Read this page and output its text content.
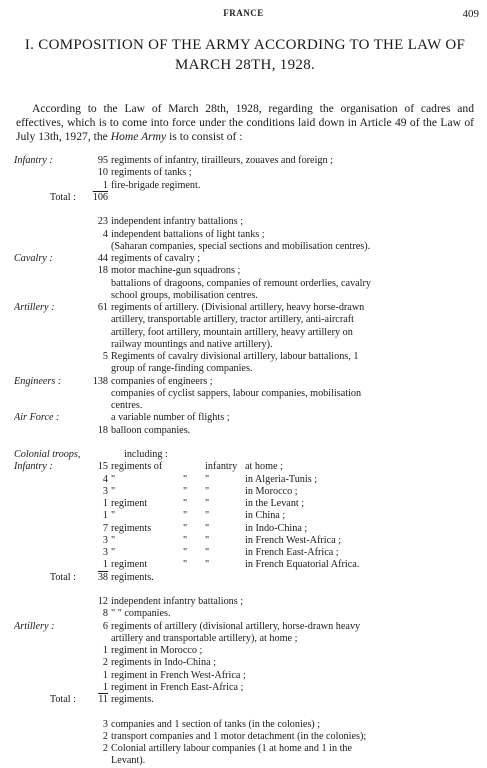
FRANCE	409
I. COMPOSITION OF THE ARMY ACCORDING TO THE LAW OF MARCH 28TH, 1928.

According to the Law of March 28th, 1928, regarding the organisation of cadres and effectives, which is to come into force under the conditions laid down in Article 49 of the Law of July 13th, 1927, the Home Army is to consist of :

Infantry :	95 regiments of infantry, tirailleurs, zouaves and foreign ;
10 regiments of tanks ;
1 fire-brigade regiment.
Total :	106

23 independent infantry battalions ;
4 independent battalions of light tanks ;
(Saharan companies, special sections and mobilisation centres).
Cavalry :	44 regiments of cavalry ;
18 motor machine-gun squadrons ;
battalions of dragoons, companies of remount orderlies, cavalry
school groups, mobilisation centres.
Artillery :	61 regiments of artillery. (Divisional artillery, heavy horse-drawn
artillery, transportable artillery, tractor artillery, anti-aircraft
artillery, foot artillery, mountain artillery, heavy artillery on
railway mountings and native artillery).
5 Regiments of cavalry divisional artillery, labour battalions, 1
group of range-finding companies.
Engineers :	138 companies of engineers ;
companies of cyclist sappers, labour companies, mobilisation
centres.
Air Force :	a variable number of flights ;
18 balloon companies.

Colonial troops,	including :
Infantry :	15 regiments of	infantry at home ;
4 "	" "	in Algeria-Tunis ;
3 "	" "	in Morocco ;
1 regiment	" "	in the Levant ;
1 "	" "	in China ;
7 regiments	" "	in Indo-China ;
3 "	" "	in French West-Africa ;
3 "	" "	in French East-Africa ;
1 regiment	" "	in French Equatorial Africa.
Total :	38 regiments.

12 independent infantry battalions ;
8 " " companies.
Artillery :	6 regiments of artillery (divisional artillery, horse-drawn heavy
artillery and transportable artillery), at home ;
1 regiment in Morocco ;
2 regiments in Indo-China ;
1 regiment in French West-Africa ;
1 regiment in French East-Africa ;
Total :	11 regiments.

3 companies and 1 section of tanks (in the colonies) ;
2 transport companies and 1 motor detachment (in the colonies);
2 Colonial artillery labour companies (1 at home and 1 in the
Levant).
